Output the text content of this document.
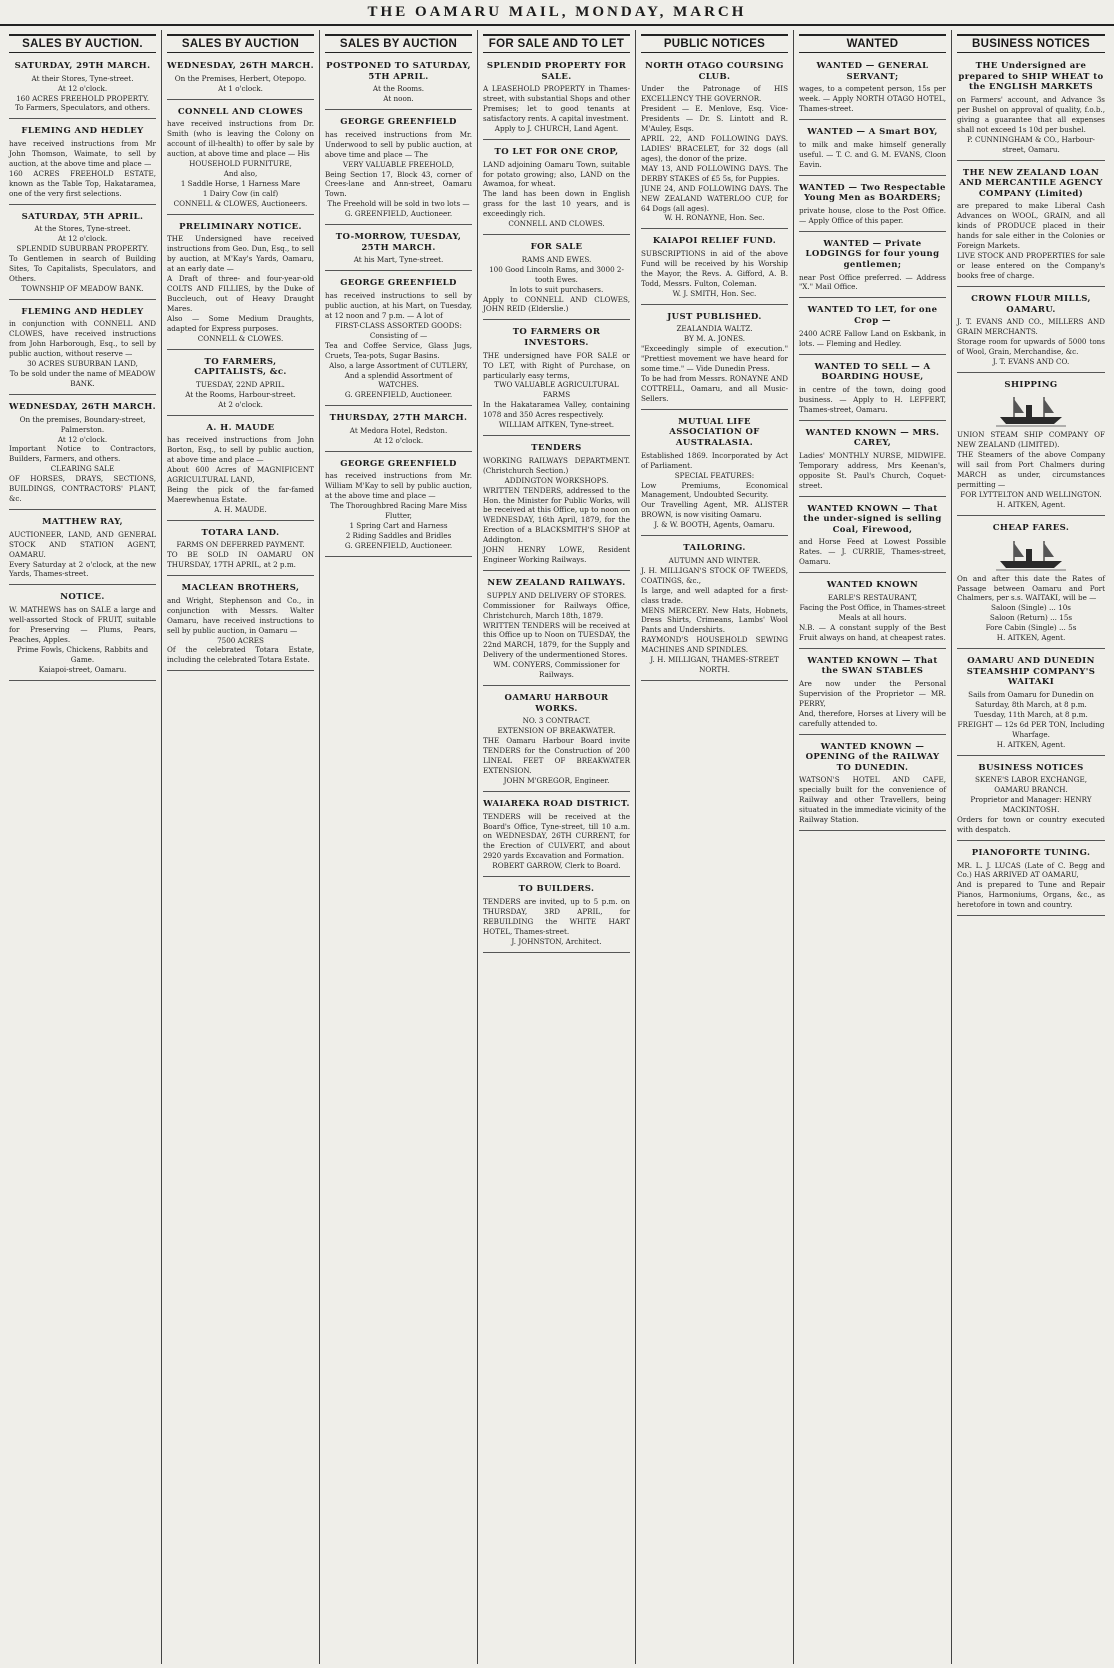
THE OAMARU MAIL, MONDAY, MARCH
SALES BY AUCTION.
SATURDAY, 29TH MARCH.

At their Stores, Tyne-street.

At 12 o'clock.

160 ACRES FREEHOLD PROPERTY.

To Farmers, Speculators, and others.

FLEMING AND HEDLEY

have received instructions from Mr John Thomson, Waimate, to sell by auction, at the above time and place —

160 ACRES FREEHOLD ESTATE, known as the Table Top, Hakataramea, one of the very first selections.

SATURDAY, 5TH APRIL.

At the Stores, Tyne-street.

At 12 o'clock.

SPLENDID SUBURBAN PROPERTY.

To Gentlemen in search of Building Sites, To Capitalists, Speculators, and Others.

TOWNSHIP OF MEADOW BANK.

FLEMING AND HEDLEY

in conjunction with CONNELL AND CLOWES, have received instructions from John Harborough, Esq., to sell by public auction, without reserve —

30 ACRES SUBURBAN LAND,

To be sold under the name of MEADOW BANK.

WEDNESDAY, 26TH MARCH.

On the premises, Boundary-street, Palmerston.

At 12 o'clock.

Important Notice to Contractors, Builders, Farmers, and others.

CLEARING SALE

OF HORSES, DRAYS, SECTIONS, BUILDINGS, CONTRACTORS' PLANT, &c.

MATTHEW RAY,

AUCTIONEER, LAND, AND GENERAL STOCK AND STATION AGENT, OAMARU.

Every Saturday at 2 o'clock, at the new Yards, Thames-street.

NOTICE.

W. MATHEWS has on SALE a large and well-assorted Stock of FRUIT, suitable for Preserving — Plums, Pears, Peaches, Apples.

Prime Fowls, Chickens, Rabbits and Game.

Kaiapoi-street, Oamaru.

SALES BY AUCTION
WEDNESDAY, 26TH MARCH.

On the Premises, Herbert, Otepopo.

At 1 o'clock.

CONNELL AND CLOWES

have received instructions from Dr. Smith (who is leaving the Colony on account of ill-health) to offer by sale by auction, at above time and place — His

HOUSEHOLD FURNITURE,

And also,

1 Saddle Horse, 1 Harness Mare

1 Dairy Cow (in calf)

CONNELL & CLOWES, Auctioneers.

PRELIMINARY NOTICE.

THE Undersigned have received instructions from Geo. Dun, Esq., to sell by auction, at M'Kay's Yards, Oamaru, at an early date —

A Draft of three- and four-year-old COLTS AND FILLIES, by the Duke of Buccleuch, out of Heavy Draught Mares.

Also — Some Medium Draughts, adapted for Express purposes.

CONNELL & CLOWES.

TO FARMERS, CAPITALISTS, &c.

TUESDAY, 22ND APRIL.

At the Rooms, Harbour-street.

At 2 o'clock.

A. H. MAUDE

has received instructions from John Borton, Esq., to sell by public auction, at above time and place —

About 600 Acres of MAGNIFICENT AGRICULTURAL LAND,

Being the pick of the far-famed Maerewhenua Estate.

A. H. MAUDE.

TOTARA LAND.

FARMS ON DEFERRED PAYMENT.

TO BE SOLD IN OAMARU ON THURSDAY, 17TH APRIL, at 2 p.m.

MACLEAN BROTHERS,

and Wright, Stephenson and Co., in conjunction with Messrs. Walter Oamaru, have received instructions to sell by public auction, in Oamaru —

7500 ACRES

Of the celebrated Totara Estate, including the celebrated Totara Estate.

SALES BY AUCTION
POSTPONED TO SATURDAY, 5TH APRIL.

At the Rooms.

At noon.

GEORGE GREENFIELD

has received instructions from Mr. Underwood to sell by public auction, at above time and place — The

VERY VALUABLE FREEHOLD,

Being Section 17, Block 43, corner of Crees-lane and Ann-street, Oamaru Town.

The Freehold will be sold in two lots —

G. GREENFIELD, Auctioneer.

TO-MORROW, TUESDAY, 25TH MARCH.

At his Mart, Tyne-street.

GEORGE GREENFIELD

has received instructions to sell by public auction, at his Mart, on Tuesday, at 12 noon and 7 p.m. — A lot of

FIRST-CLASS ASSORTED GOODS:

Consisting of —

Tea and Coffee Service, Glass Jugs, Cruets, Tea-pots, Sugar Basins.

Also, a large Assortment of CUTLERY,

And a splendid Assortment of WATCHES.

G. GREENFIELD, Auctioneer.

THURSDAY, 27TH MARCH.

At Medora Hotel, Redston.

At 12 o'clock.

GEORGE GREENFIELD

has received instructions from Mr. William M'Kay to sell by public auction, at the above time and place —

The Thoroughbred Racing Mare Miss Flutter,

1 Spring Cart and Harness

2 Riding Saddles and Bridles

G. GREENFIELD, Auctioneer.

FOR SALE AND TO LET
SPLENDID PROPERTY FOR SALE.

A LEASEHOLD PROPERTY in Thames-street, with substantial Shops and other Premises; let to good tenants at satisfactory rents. A capital investment.

Apply to J. CHURCH, Land Agent.

TO LET FOR ONE CROP,

LAND adjoining Oamaru Town, suitable for potato growing; also, LAND on the Awamoa, for wheat.

The land has been down in English grass for the last 10 years, and is exceedingly rich.

CONNELL AND CLOWES.

FOR SALE

RAMS AND EWES.

100 Good Lincoln Rams, and 3000 2-tooth Ewes.

In lots to suit purchasers.

Apply to CONNELL AND CLOWES, JOHN REID (Elderslie.)

TO FARMERS OR INVESTORS.

THE undersigned have FOR SALE or TO LET, with Right of Purchase, on particularly easy terms,

TWO VALUABLE AGRICULTURAL FARMS

In the Hakataramea Valley, containing 1078 and 350 Acres respectively.

WILLIAM AITKEN, Tyne-street.

TENDERS

WORKING RAILWAYS DEPARTMENT. (Christchurch Section.)

ADDINGTON WORKSHOPS.

WRITTEN TENDERS, addressed to the Hon. the Minister for Public Works, will be received at this Office, up to noon on WEDNESDAY, 16th April, 1879, for the Erection of a BLACKSMITH'S SHOP at Addington.

JOHN HENRY LOWE, Resident Engineer Working Railways.

NEW ZEALAND RAILWAYS.

SUPPLY AND DELIVERY OF STORES.

Commissioner for Railways Office, Christchurch, March 18th, 1879.

WRITTEN TENDERS will be received at this Office up to Noon on TUESDAY, the 22nd MARCH, 1879, for the Supply and Delivery of the undermentioned Stores.

WM. CONYERS, Commissioner for Railways.

OAMARU HARBOUR WORKS.

NO. 3 CONTRACT.

EXTENSION OF BREAKWATER.

THE Oamaru Harbour Board invite TENDERS for the Construction of 200 LINEAL FEET OF BREAKWATER EXTENSION.

JOHN M'GREGOR, Engineer.

WAIAREKA ROAD DISTRICT.

TENDERS will be received at the Board's Office, Tyne-street, till 10 a.m. on WEDNESDAY, 26TH CURRENT, for the Erection of CULVERT, and about 2920 yards Excavation and Formation.

ROBERT GARROW, Clerk to Board.

TO BUILDERS.

TENDERS are invited, up to 5 p.m. on THURSDAY, 3RD APRIL, for REBUILDING the WHITE HART HOTEL, Thames-street.

J. JOHNSTON, Architect.

PUBLIC NOTICES
NORTH OTAGO COURSING CLUB.

Under the Patronage of HIS EXCELLENCY THE GOVERNOR.

President — E. Menlove, Esq. Vice-Presidents — Dr. S. Lintott and R. M'Auley, Esqs.

APRIL 22, AND FOLLOWING DAYS. LADIES' BRACELET, for 32 dogs (all ages), the donor of the prize.

MAY 13, AND FOLLOWING DAYS. The DERBY STAKES of £5 5s, for Puppies.

JUNE 24, AND FOLLOWING DAYS. The NEW ZEALAND WATERLOO CUP, for 64 Dogs (all ages).

W. H. RONAYNE, Hon. Sec.

KAIAPOI RELIEF FUND.

SUBSCRIPTIONS in aid of the above Fund will be received by his Worship the Mayor, the Revs. A. Gifford, A. B. Todd, Messrs. Fulton, Coleman.

W. J. SMITH, Hon. Sec.

JUST PUBLISHED.

ZEALANDIA WALTZ.

BY M. A. JONES.

"Exceedingly simple of execution." "Prettiest movement we have heard for some time." — Vide Dunedin Press.

To be had from Messrs. RONAYNE AND COTTRELL, Oamaru, and all Music-Sellers.

MUTUAL LIFE ASSOCIATION OF AUSTRALASIA.

Established 1869. Incorporated by Act of Parliament.

SPECIAL FEATURES:

Low Premiums, Economical Management, Undoubted Security.

Our Travelling Agent, MR. ALISTER BROWN, is now visiting Oamaru.

J. & W. BOOTH, Agents, Oamaru.

TAILORING.

AUTUMN AND WINTER.

J. H. MILLIGAN'S STOCK OF TWEEDS, COATINGS, &c.,

Is large, and well adapted for a first-class trade.

MENS MERCERY. New Hats, Hobnets, Dress Shirts, Crimeans, Lambs' Wool Pants and Undershirts.

RAYMOND'S HOUSEHOLD SEWING MACHINES AND SPINDLES.

J. H. MILLIGAN, THAMES-STREET NORTH.

WANTED
WANTED — GENERAL SERVANT;

wages, to a competent person, 15s per week. — Apply NORTH OTAGO HOTEL, Thames-street.

WANTED — A Smart BOY,

to milk and make himself generally useful. — T. C. and G. M. EVANS, Cloon Eavin.

WANTED — Two Respectable Young Men as BOARDERS;

private house, close to the Post Office. — Apply Office of this paper.

WANTED — Private LODGINGS for four young gentlemen;

near Post Office preferred. — Address "X." Mail Office.

WANTED TO LET, for one Crop —

2400 ACRE Fallow Land on Eskbank, in lots. — Fleming and Hedley.

WANTED TO SELL — A BOARDING HOUSE,

in centre of the town, doing good business. — Apply to H. LEFFERT, Thames-street, Oamaru.

WANTED KNOWN — MRS. CAREY,

Ladies' MONTHLY NURSE, MIDWIFE. Temporary address, Mrs Keenan's, opposite St. Paul's Church, Coquet-street.

WANTED KNOWN — That the under-signed is selling Coal, Firewood,

and Horse Feed at Lowest Possible Rates. — J. CURRIE, Thames-street, Oamaru.

WANTED KNOWN

EARLE'S RESTAURANT,

Facing the Post Office, in Thames-street

Meals at all hours.

N.B. — A constant supply of the Best Fruit always on hand, at cheapest rates.

WANTED KNOWN — That the SWAN STABLES

Are now under the Personal Supervision of the Proprietor — MR. PERRY,

And, therefore, Horses at Livery will be carefully attended to.

WANTED KNOWN — OPENING of the RAILWAY TO DUNEDIN.

WATSON'S HOTEL AND CAFE, specially built for the convenience of Railway and other Travellers, being situated in the immediate vicinity of the Railway Station.

BUSINESS NOTICES
THE Undersigned are prepared to SHIP WHEAT to the ENGLISH MARKETS

on Farmers' account, and Advance 3s per Bushel on approval of quality, f.o.b., giving a guarantee that all expenses shall not exceed 1s 10d per bushel.

P. CUNNINGHAM & CO., Harbour-street, Oamaru.

THE NEW ZEALAND LOAN AND MERCANTILE AGENCY COMPANY (Limited)

are prepared to make Liberal Cash Advances on WOOL, GRAIN, and all kinds of PRODUCE placed in their hands for sale either in the Colonies or Foreign Markets.

LIVE STOCK AND PROPERTIES for sale or lease entered on the Company's books free of charge.

CROWN FLOUR MILLS, OAMARU.

J. T. EVANS AND CO., MILLERS AND GRAIN MERCHANTS.

Storage room for upwards of 5000 tons of Wool, Grain, Merchandise, &c.

J. T. EVANS AND CO.

SHIPPING

UNION STEAM SHIP COMPANY OF NEW ZEALAND (LIMITED).

THE Steamers of the above Company will sail from Port Chalmers during MARCH as under, circumstances permitting —

FOR LYTTELTON AND WELLINGTON.

H. AITKEN, Agent.

CHEAP FARES.

On and after this date the Rates of Passage between Oamaru and Port Chalmers, per s.s. WAITAKI, will be —

Saloon (Single) ... 10s

Saloon (Return) ... 15s

Fore Cabin (Single) ... 5s

H. AITKEN, Agent.

OAMARU AND DUNEDIN STEAMSHIP COMPANY'S WAITAKI

Sails from Oamaru for Dunedin on

Saturday, 8th March, at 8 p.m.

Tuesday, 11th March, at 8 p.m.

FREIGHT — 12s 6d PER TON, Including Wharfage.

H. AITKEN, Agent.

BUSINESS NOTICES

SKENE'S LABOR EXCHANGE, OAMARU BRANCH.

Proprietor and Manager: HENRY MACKINTOSH.

Orders for town or country executed with despatch.

PIANOFORTE TUNING.

MR. L. J. LUCAS (Late of C. Begg and Co.) HAS ARRIVED AT OAMARU,

And is prepared to Tune and Repair Pianos, Harmoniums, Organs, &c., as heretofore in town and country.
